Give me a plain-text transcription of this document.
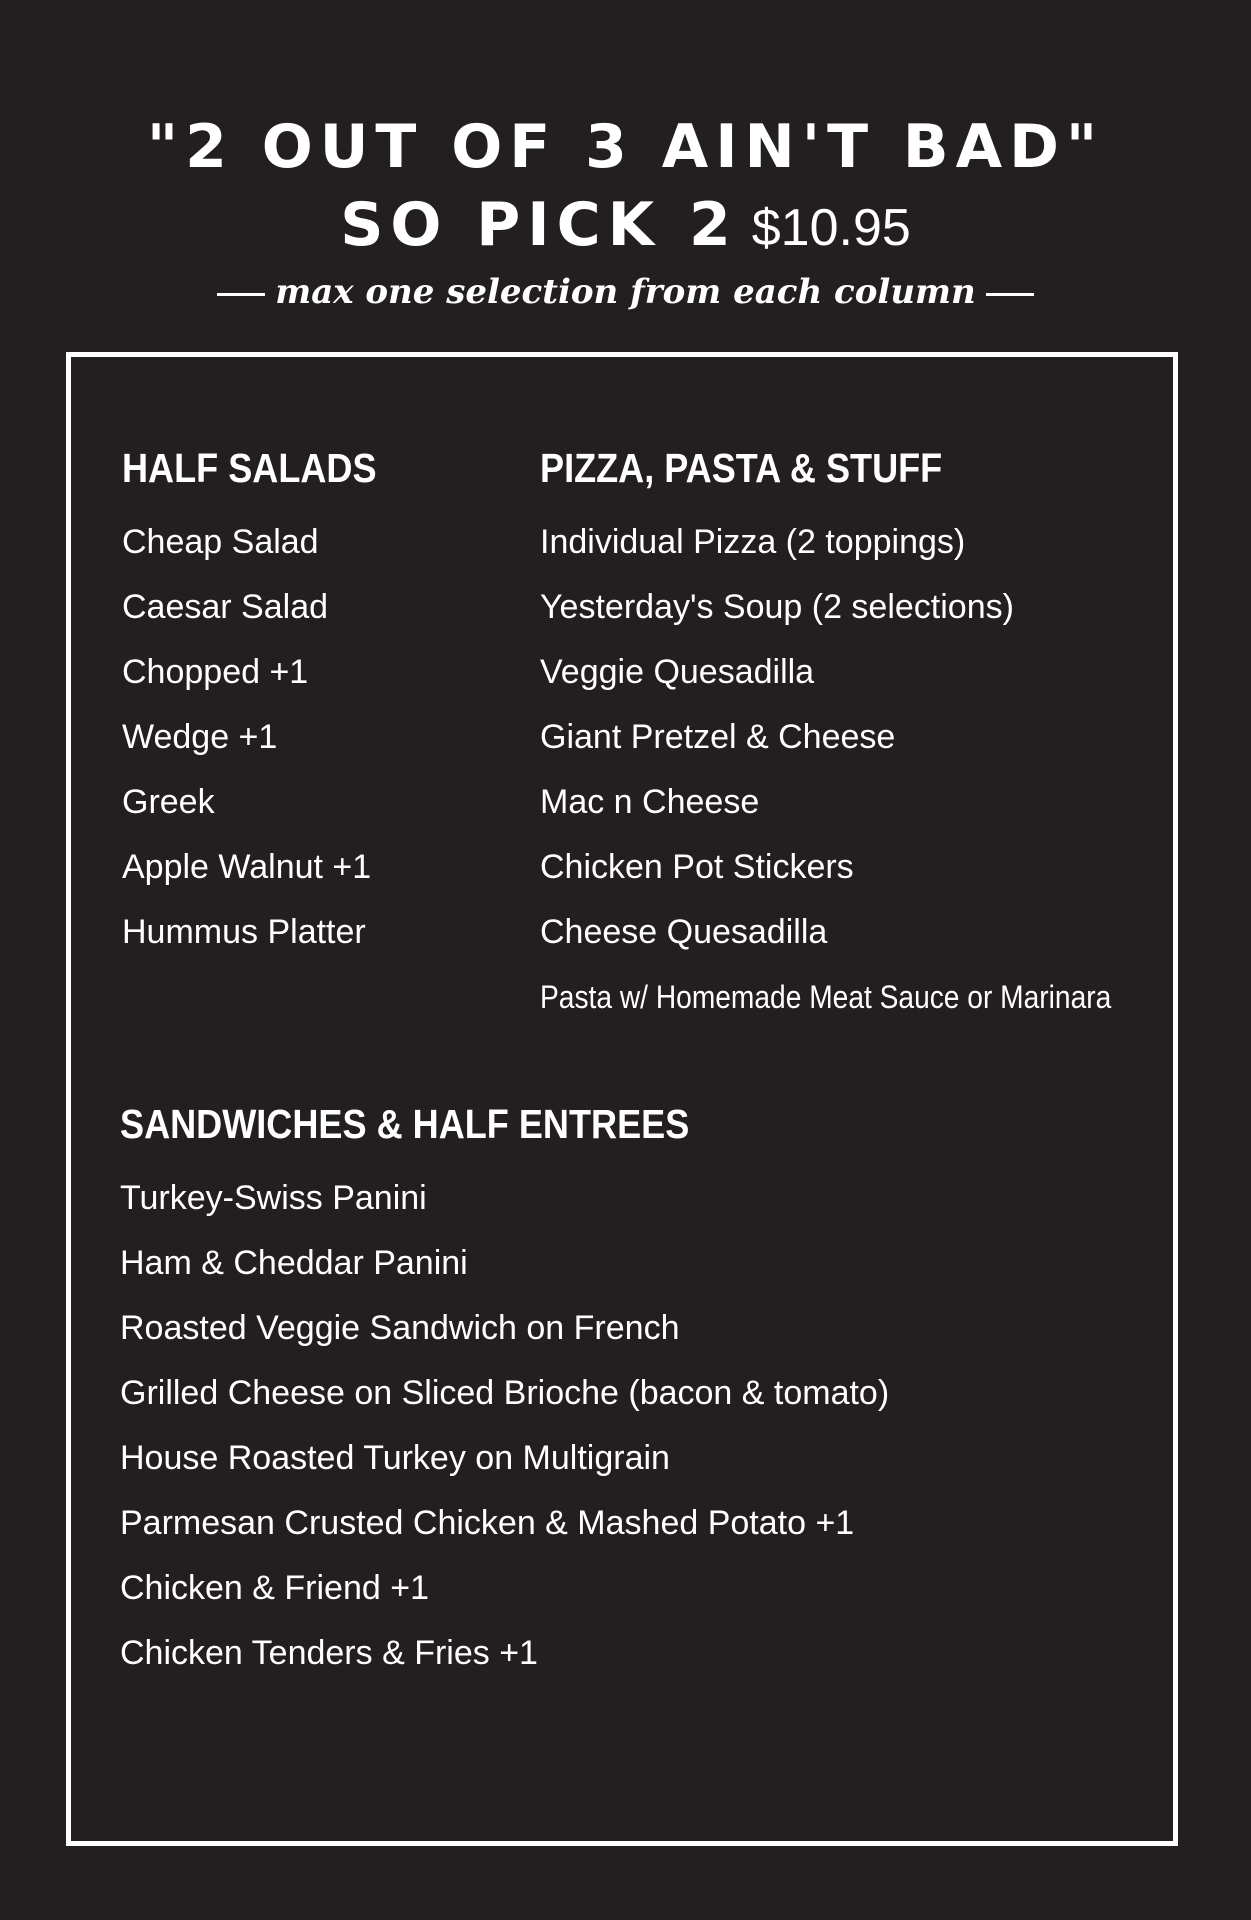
"2 OUT OF 3 AIN'T BAD"
SO PICK 2 $10.95
max one selection from each column
HALF SALADS
Cheap Salad
Caesar Salad
Chopped +1
Wedge +1
Greek
Apple Walnut +1
Hummus Platter
PIZZA, PASTA & STUFF
Individual Pizza (2 toppings)
Yesterday's Soup (2 selections)
Veggie Quesadilla
Giant Pretzel & Cheese
Mac n Cheese
Chicken Pot Stickers
Cheese Quesadilla
Pasta w/ Homemade Meat Sauce or Marinara
SANDWICHES & HALF ENTREES
Turkey-Swiss Panini
Ham & Cheddar Panini
Roasted Veggie Sandwich on French
Grilled Cheese on Sliced Brioche (bacon & tomato)
House Roasted Turkey on Multigrain
Parmesan Crusted Chicken & Mashed Potato +1
Chicken & Friend +1
Chicken Tenders & Fries +1
